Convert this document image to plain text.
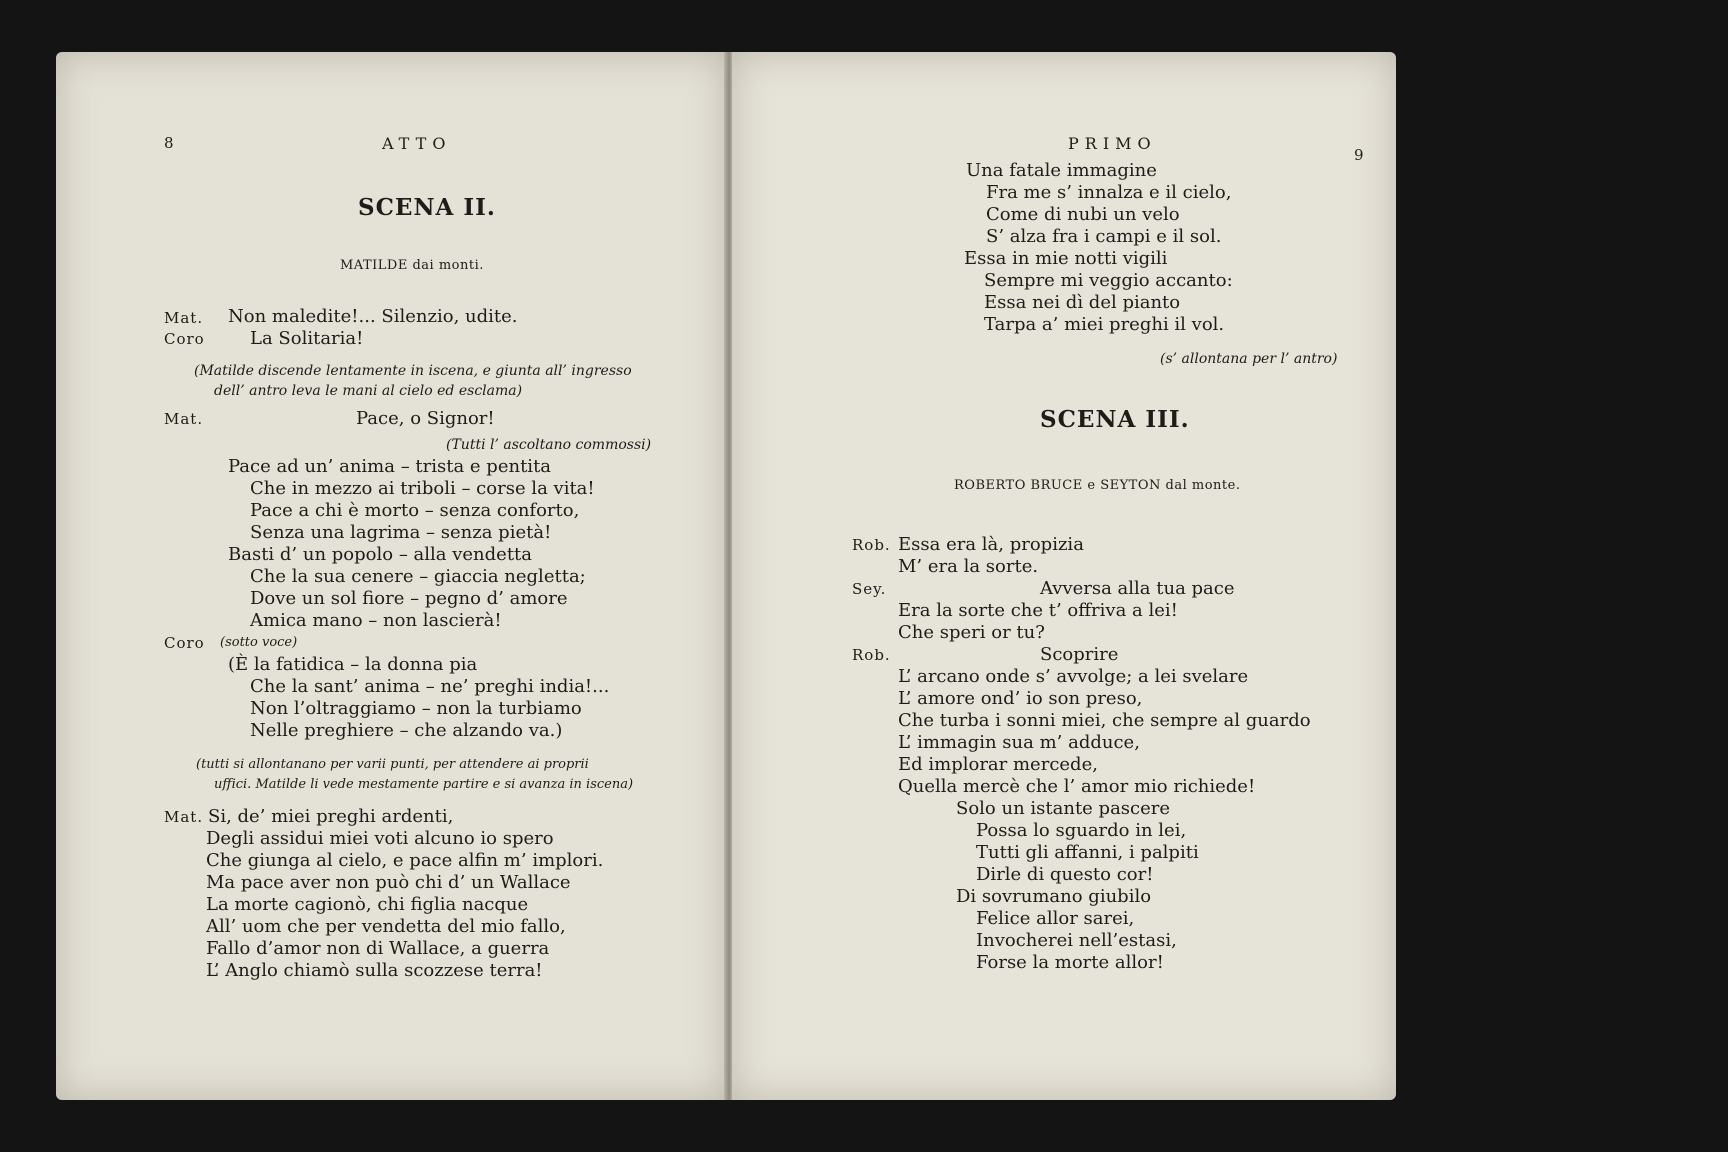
8	ATTO
SCENA II.
MATILDE dai monti.
Mat. Non maledite!... Silenzio, udite.
Coro	La Solitaria!
(Matilde discende lentamente in iscena, e giunta all’ ingresso
dell’ antro leva le mani al cielo ed esclama)
Mat.	Pace, o Signor!
(Tutti l’ ascoltano commossi)
Pace ad un’ anima – trista e pentita
Che in mezzo ai triboli – corse la vita!
Pace a chi è morto – senza conforto,
Senza una lagrima – senza pietà!
Basti d’ un popolo – alla vendetta
Che la sua cenere – giaccia negletta;
Dove un sol fiore – pegno d’ amore
Amica mano – non lascierà!
Coro (sotto voce)
(È la fatidica – la donna pia
Che la sant’ anima – ne’ preghi india!...
Non l’oltraggiamo – non la turbiamo
Nelle preghiere – che alzando va.)
(tutti si allontanano per varii punti, per attendere ai proprii
uffici. Matilde li vede mestamente partire e si avanza in iscena)
Mat. Si, de’ miei preghi ardenti,
Degli assidui miei voti alcuno io spero
Che giunga al cielo, e pace alfin m’ implori.
Ma pace aver non può chi d’ un Wallace
La morte cagionò, chi figlia nacque
All’ uom che per vendetta del mio fallo,
Fallo d’amor non di Wallace, a guerra
L’ Anglo chiamò sulla scozzese terra!
PRIMO
9
Una fatale immagine
Fra me s’ innalza e il cielo,
Come di nubi un velo
S’ alza fra i campi e il sol.
Essa in mie notti vigili
Sempre mi veggio accanto:
Essa nei dì del pianto
Tarpa a’ miei preghi il vol.
(s’ allontana per l’ antro)
SCENA III.
ROBERTO BRUCE e SEYTON dal monte.
Rob. Essa era là, propizia
M’ era la sorte.
Sey.	Avversa alla tua pace
Era la sorte che t’ offriva a lei!
Che speri or tu?
Rob.	Scoprire
L’ arcano onde s’ avvolge; a lei svelare
L’ amore ond’ io son preso,
Che turba i sonni miei, che sempre al guardo
L’ immagin sua m’ adduce,
Ed implorar mercede,
Quella mercè che l’ amor mio richiede!
Solo un istante pascere
Possa lo sguardo in lei,
Tutti gli affanni, i palpiti
Dirle di questo cor!
Di sovrumano giubilo
Felice allor sarei,
Invocherei nell’estasi,
Forse la morte allor!
